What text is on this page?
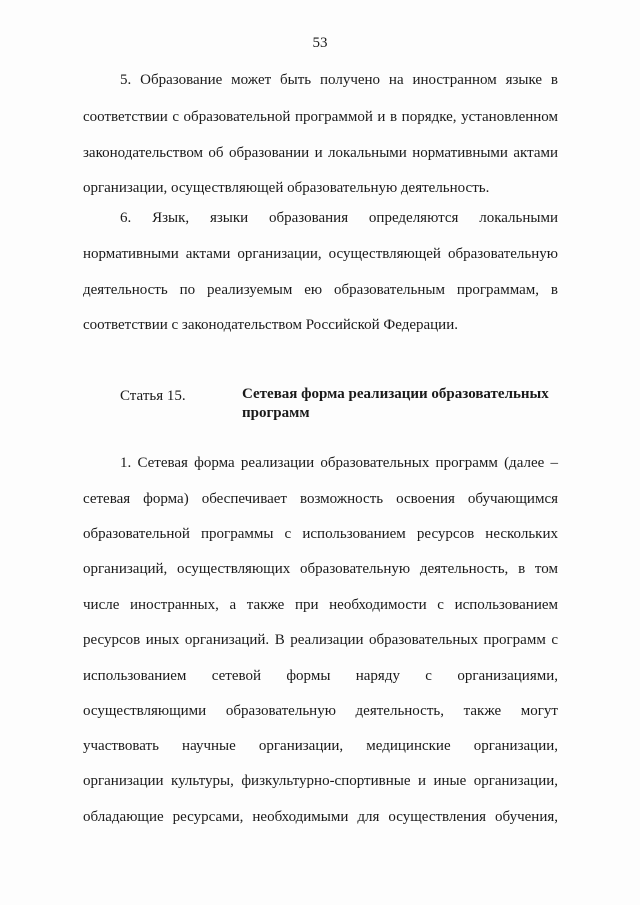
53
5. Образование может быть получено на иностранном языке в
соответствии с образовательной программой и в порядке, установленном
законодательством об образовании и локальными нормативными актами
организации, осуществляющей образовательную деятельность.
6. Язык, языки образования определяются локальными
нормативными актами организации, осуществляющей образовательную
деятельность по реализуемым ею образовательным программам, в
соответствии с законодательством Российской Федерации.
Статья 15.	Сетевая форма реализации образовательных программ
1. Сетевая форма реализации образовательных программ (далее –
сетевая форма) обеспечивает возможность освоения обучающимся
образовательной программы с использованием ресурсов нескольких
организаций, осуществляющих образовательную деятельность, в том
числе иностранных, а также при необходимости с использованием
ресурсов иных организаций. В реализации образовательных программ с
использованием сетевой формы наряду с организациями,
осуществляющими образовательную деятельность, также могут
участвовать научные организации, медицинские организации,
организации культуры, физкультурно-спортивные и иные организации,
обладающие ресурсами, необходимыми для осуществления обучения,
